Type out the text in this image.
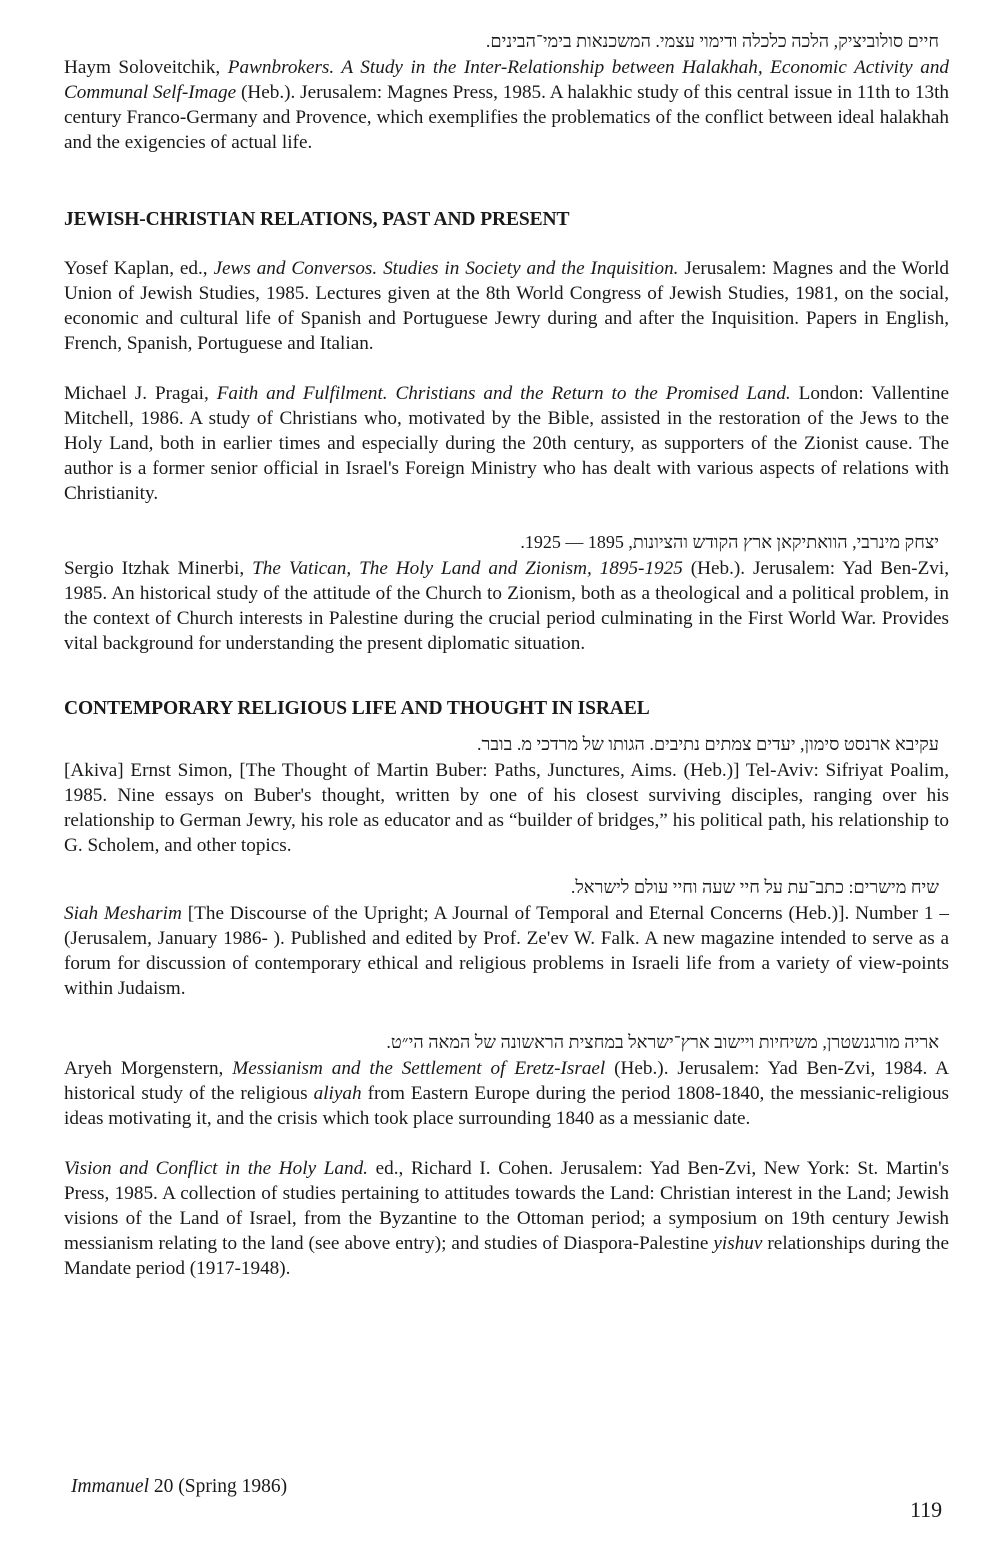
חיים סולוביציק, הלכה כלכלה ודימוי עצמי. המשכנאות בימי־הבינים.

Haym Soloveitchik, Pawnbrokers. A Study in the Inter-Relationship between Halakhah, Economic Activity and Communal Self-Image (Heb.). Jerusalem: Magnes Press, 1985. A halakhic study of this central issue in 11th to 13th century Franco-Germany and Provence, which exemplifies the problematics of the conflict between ideal halakhah and the exigencies of actual life.

JEWISH-CHRISTIAN RELATIONS, PAST AND PRESENT

Yosef Kaplan, ed., Jews and Conversos. Studies in Society and the Inquisition. Jerusalem: Magnes and the World Union of Jewish Studies, 1985. Lectures given at the 8th World Congress of Jewish Studies, 1981, on the social, economic and cultural life of Spanish and Portuguese Jewry during and after the Inquisition. Papers in English, French, Spanish, Portuguese and Italian.

Michael J. Pragai, Faith and Fulfilment. Christians and the Return to the Promised Land. London: Vallentine Mitchell, 1986. A study of Christians who, motivated by the Bible, assisted in the restoration of the Jews to the Holy Land, both in earlier times and especially during the 20th century, as supporters of the Zionist cause. The author is a former senior official in Israel's Foreign Ministry who has dealt with various aspects of relations with Christianity.

יצחק מינרבי, הוואתיקאן ארץ הקודש והציונות, 1895 — 1925.

Sergio Itzhak Minerbi, The Vatican, The Holy Land and Zionism, 1895-1925 (Heb.). Jerusalem: Yad Ben-Zvi, 1985. An historical study of the attitude of the Church to Zionism, both as a theological and a political problem, in the context of Church interests in Palestine during the crucial period culminating in the First World War. Provides vital background for understanding the present diplomatic situation.

CONTEMPORARY RELIGIOUS LIFE AND THOUGHT IN ISRAEL

עקיבא ארנסט סימון, יעדים צמתים נתיבים. הגותו של מרדכי מ. בובר.

[Akiva] Ernst Simon, [The Thought of Martin Buber: Paths, Junctures, Aims. (Heb.)] Tel-Aviv: Sifriyat Poalim, 1985. Nine essays on Buber's thought, written by one of his closest surviving disciples, ranging over his relationship to German Jewry, his role as educator and as “builder of bridges,” his political path, his relationship to G. Scholem, and other topics.

שיח מישרים: כתב־עת על חיי שעה וחיי עולם לישראל.

Siah Mesharim [The Discourse of the Upright; A Journal of Temporal and Eternal Concerns (Heb.)]. Number 1 – (Jerusalem, January 1986- ). Published and edited by Prof. Ze'ev W. Falk. A new magazine intended to serve as a forum for discussion of contemporary ethical and religious problems in Israeli life from a variety of view-points within Judaism.

אריה מורגנשטרן, משיחיות ויישוב ארץ־ישראל במחצית הראשונה של המאה הי״ט.

Aryeh Morgenstern, Messianism and the Settlement of Eretz-Israel (Heb.). Jerusalem: Yad Ben-Zvi, 1984. A historical study of the religious aliyah from Eastern Europe during the period 1808-1840, the messianic-religious ideas motivating it, and the crisis which took place surrounding 1840 as a messianic date.

Vision and Conflict in the Holy Land. ed., Richard I. Cohen. Jerusalem: Yad Ben-Zvi, New York: St. Martin's Press, 1985. A collection of studies pertaining to attitudes towards the Land: Christian interest in the Land; Jewish visions of the Land of Israel, from the Byzantine to the Ottoman period; a symposium on 19th century Jewish messianism relating to the land (see above entry); and studies of Diaspora-Palestine yishuv relationships during the Mandate period (1917-1948).

Immanuel 20 (Spring 1986)
119
